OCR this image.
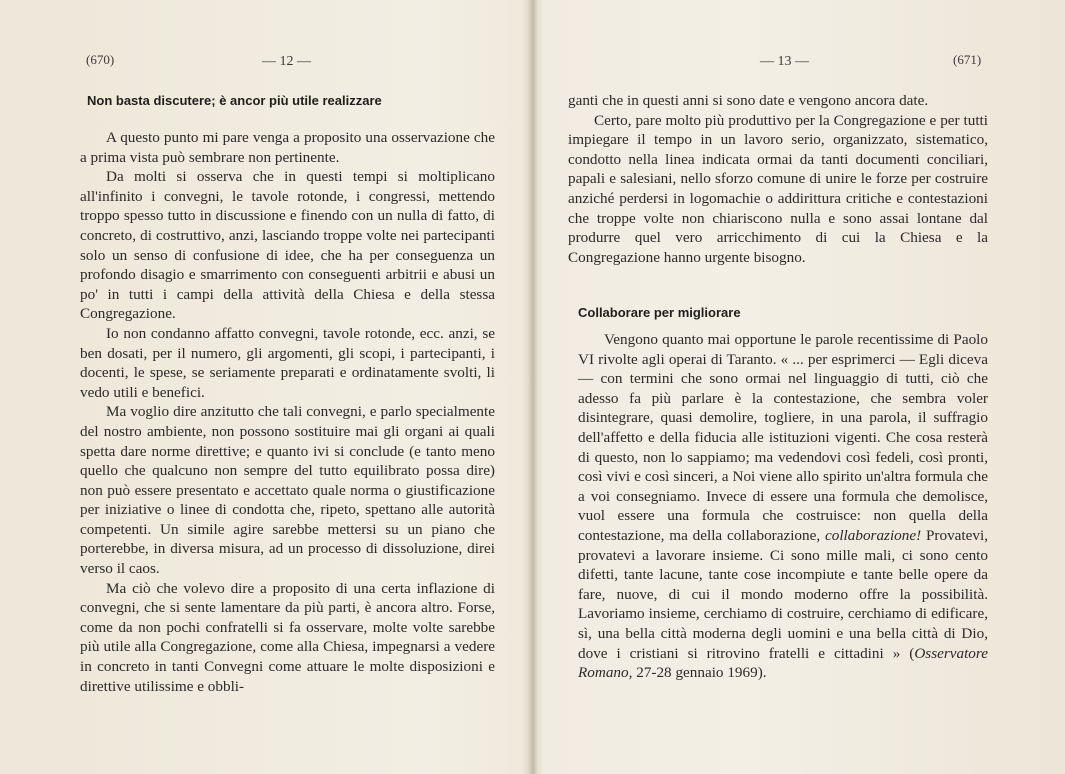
(670)	— 12 —
Non basta discutere; è ancor più utile realizzare

A questo punto mi pare venga a proposito una osservazione che a prima vista può sembrare non pertinente.

Da molti si osserva che in questi tempi si moltiplicano all'infinito i convegni, le tavole rotonde, i congressi, mettendo troppo spesso tutto in discussione e finendo con un nulla di fatto, di concreto, di costruttivo, anzi, lasciando troppe volte nei partecipanti solo un senso di confusione di idee, che ha per conseguenza un profondo disagio e smarrimento con conseguenti arbitrii e abusi un po' in tutti i campi della attività della Chiesa e della stessa Congregazione.

Io non condanno affatto convegni, tavole rotonde, ecc. anzi, se ben dosati, per il numero, gli argomenti, gli scopi, i partecipanti, i docenti, le spese, se seriamente preparati e ordinatamente svolti, li vedo utili e benefici.

Ma voglio dire anzitutto che tali convegni, e parlo specialmente del nostro ambiente, non possono sostituire mai gli organi ai quali spetta dare norme direttive; e quanto ivi si conclude (e tanto meno quello che qualcuno non sempre del tutto equilibrato possa dire) non può essere presentato e accettato quale norma o giustificazione per iniziative o linee di condotta che, ripeto, spettano alle autorità competenti. Un simile agire sarebbe mettersi su un piano che porterebbe, in diversa misura, ad un processo di dissoluzione, direi verso il caos.

Ma ciò che volevo dire a proposito di una certa inflazione di convegni, che si sente lamentare da più parti, è ancora altro. Forse, come da non pochi confratelli si fa osservare, molte volte sarebbe più utile alla Congregazione, come alla Chiesa, impegnarsi a vedere in concreto in tanti Convegni come attuare le molte disposizioni e direttive utilissime e obbli-

— 13 —	(671)

ganti che in questi anni si sono date e vengono ancora date.

Certo, pare molto più produttivo per la Congregazione e per tutti impiegare il tempo in un lavoro serio, organizzato, sistematico, condotto nella linea indicata ormai da tanti documenti conciliari, papali e salesiani, nello sforzo comune di unire le forze per costruire anziché perdersi in logomachie o addirittura critiche e contestazioni che troppe volte non chiariscono nulla e sono assai lontane dal produrre quel vero arricchimento di cui la Chiesa e la Congregazione hanno urgente bisogno.

Collaborare per migliorare

Vengono quanto mai opportune le parole recentissime di Paolo VI rivolte agli operai di Taranto. « ... per esprimerci — Egli diceva — con termini che sono ormai nel linguaggio di tutti, ciò che adesso fa più parlare è la contestazione, che sembra voler disintegrare, quasi demolire, togliere, in una parola, il suffragio dell'affetto e della fiducia alle istituzioni vigenti. Che cosa resterà di questo, non lo sappiamo; ma vedendovi così fedeli, così pronti, così vivi e così sinceri, a Noi viene allo spirito un'altra formula che a voi consegniamo. Invece di essere una formula che demolisce, vuol essere una formula che costruisce: non quella della contestazione, ma della collaborazione, collaborazione! Provatevi, provatevi a lavorare insieme. Ci sono mille mali, ci sono cento difetti, tante lacune, tante cose incompiute e tante belle opere da fare, nuove, di cui il mondo moderno offre la possibilità. Lavoriamo insieme, cerchiamo di costruire, cerchiamo di edificare, sì, una bella città moderna degli uomini e una bella città di Dio, dove i cristiani si ritrovino fratelli e cittadini » (Osservatore Romano, 27-28 gennaio 1969).
